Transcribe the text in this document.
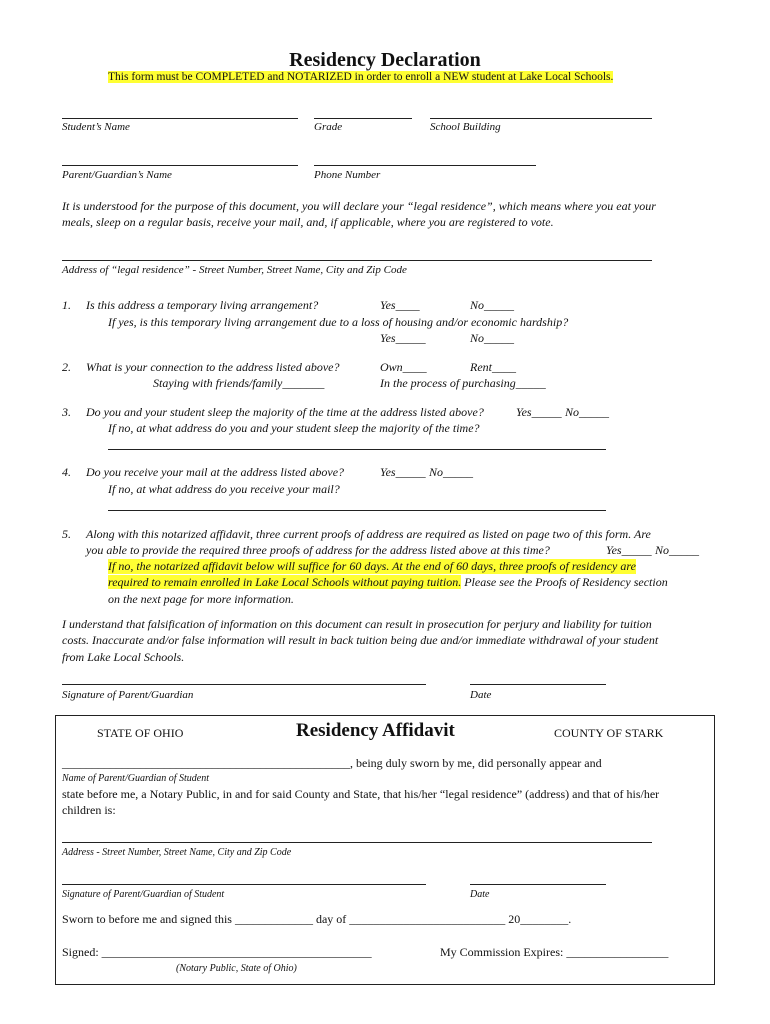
Residency Declaration
This form must be COMPLETED and NOTARIZED in order to enroll a NEW student at Lake Local Schools.
Student’s Name	Grade	School Building
Parent/Guardian’s Name	Phone Number
It is understood for the purpose of this document, you will declare your “legal residence”, which means where you eat your
meals, sleep on a regular basis, receive your mail, and, if applicable, where you are registered to vote.
Address of “legal residence” - Street Number, Street Name, City and Zip Code
1. Is this address a temporary living arrangement?	Yes____	No_____
If yes, is this temporary living arrangement due to a loss of housing and/or economic hardship?
Yes_____	No_____
2. What is your connection to the address listed above?	Own____	Rent____
Staying with friends/family_______	In the process of purchasing_____
3. Do you and your student sleep the majority of the time at the address listed above?	Yes_____ No_____
If no, at what address do you and your student sleep the majority of the time?
4. Do you receive your mail at the address listed above?	Yes_____ No_____
If no, at what address do you receive your mail?
5. Along with this notarized affidavit, three current proofs of address are required as listed on page two of this form. Are
you able to provide the required three proofs of address for the address listed above at this time?	Yes_____ No_____
If no, the notarized affidavit below will suffice for 60 days. At the end of 60 days, three proofs of residency are
required to remain enrolled in Lake Local Schools without paying tuition. Please see the Proofs of Residency section
on the next page for more information.
I understand that falsification of information on this document can result in prosecution for perjury and liability for tuition
costs. Inaccurate and/or false information will result in back tuition being due and/or immediate withdrawal of your student
from Lake Local Schools.
Signature of Parent/Guardian	Date
STATE OF OHIO	Residency Affidavit	COUNTY OF STARK
________________________________________________, being duly sworn by me, did personally appear and
Name of Parent/Guardian of Student
state before me, a Notary Public, in and for said County and State, that his/her “legal residence” (address) and that of his/her
children is:
Address - Street Number, Street Name, City and Zip Code
Signature of Parent/Guardian of Student	Date
Sworn to before me and signed this _____________ day of __________________________ 20________.
Signed: _____________________________________________	My Commission Expires: _________________
(Notary Public, State of Ohio)
